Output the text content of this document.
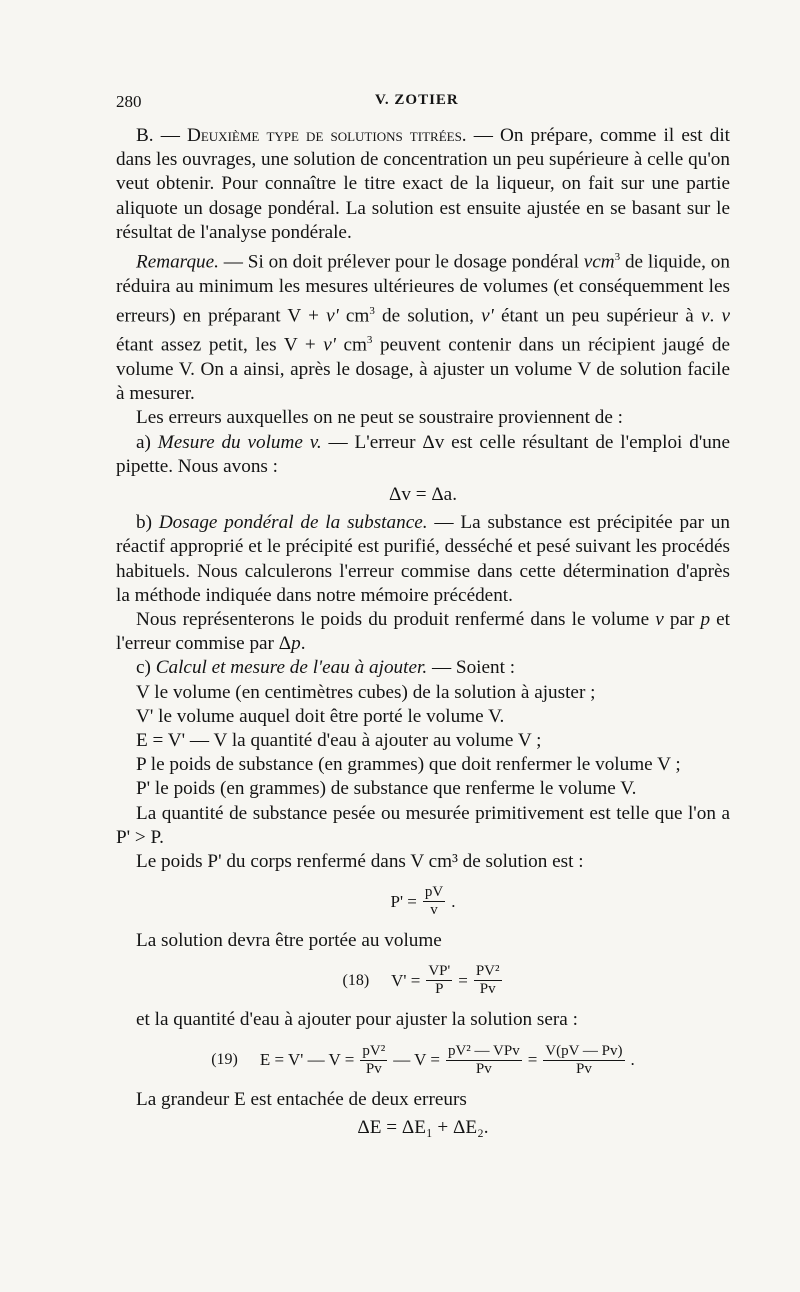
280	V. ZOTIER

B. — Deuxième type de solutions titrées. — On prépare, comme il est dit dans les ouvrages, une solution de concentration un peu supérieure à celle qu'on veut obtenir. Pour connaître le titre exact de la liqueur, on fait sur une partie aliquote un dosage pondéral. La solution est ensuite ajustée en se basant sur le résultat de l'analyse pondérale.

Remarque. — Si on doit prélever pour le dosage pondéral vcm$^3$ de liquide, on réduira au minimum les mesures ultérieures de volumes (et conséquemment les erreurs) en préparant V + v' $cm^3$ de solution, v' étant un peu supérieur à v. v étant assez petit, les V + v' $cm^3$ peuvent contenir dans un récipient jaugé de volume V. On a ainsi, après le dosage, à ajuster un volume V de solution facile à mesurer.

Les erreurs auxquelles on ne peut se soustraire proviennent de :

a) Mesure du volume v. — L'erreur Δv est celle résultant de l'emploi d'une pipette. Nous avons :

Δv = Δa.

b) Dosage pondéral de la substance. — La substance est précipitée par un réactif approprié et le précipité est purifié, desséché et pesé suivant les procédés habituels. Nous calculerons l'erreur commise dans cette détermination d'après la méthode indiquée dans notre mémoire précédent.

Nous représenterons le poids du produit renfermé dans le volume v par p et l'erreur commise par Δp.

c) Calcul et mesure de l'eau à ajouter. — Soient :

V le volume (en centimètres cubes) de la solution à ajuster ;

V' le volume auquel doit être porté le volume V.

E = V' — V la quantité d'eau à ajouter au volume V ;

P le poids de substance (en grammes) que doit renfermer le volume V ;

P' le poids (en grammes) de substance que renferme le volume V.

La quantité de substance pesée ou mesurée primitivement est telle que l'on a P' > P.

Le poids P' du corps renfermé dans V cm³ de solution est :

$P' = \frac{pV}{v}$ .

La solution devra être portée au volume

(18) $V' = \frac{VP'}{P} = \frac{\text{PV²}}{Pv}$

et la quantité d'eau à ajouter pour ajuster la solution sera :

(19) E = V' — $V = \frac{\text{pV²}}{Pv}$ — $V = \frac{\text{pV² — VPv}}{Pv} = \frac{V(pV — Pv)}{Pv}$ .

La grandeur E est entachée de deux erreurs

ΔE = ΔE₁ + ΔE₂.
